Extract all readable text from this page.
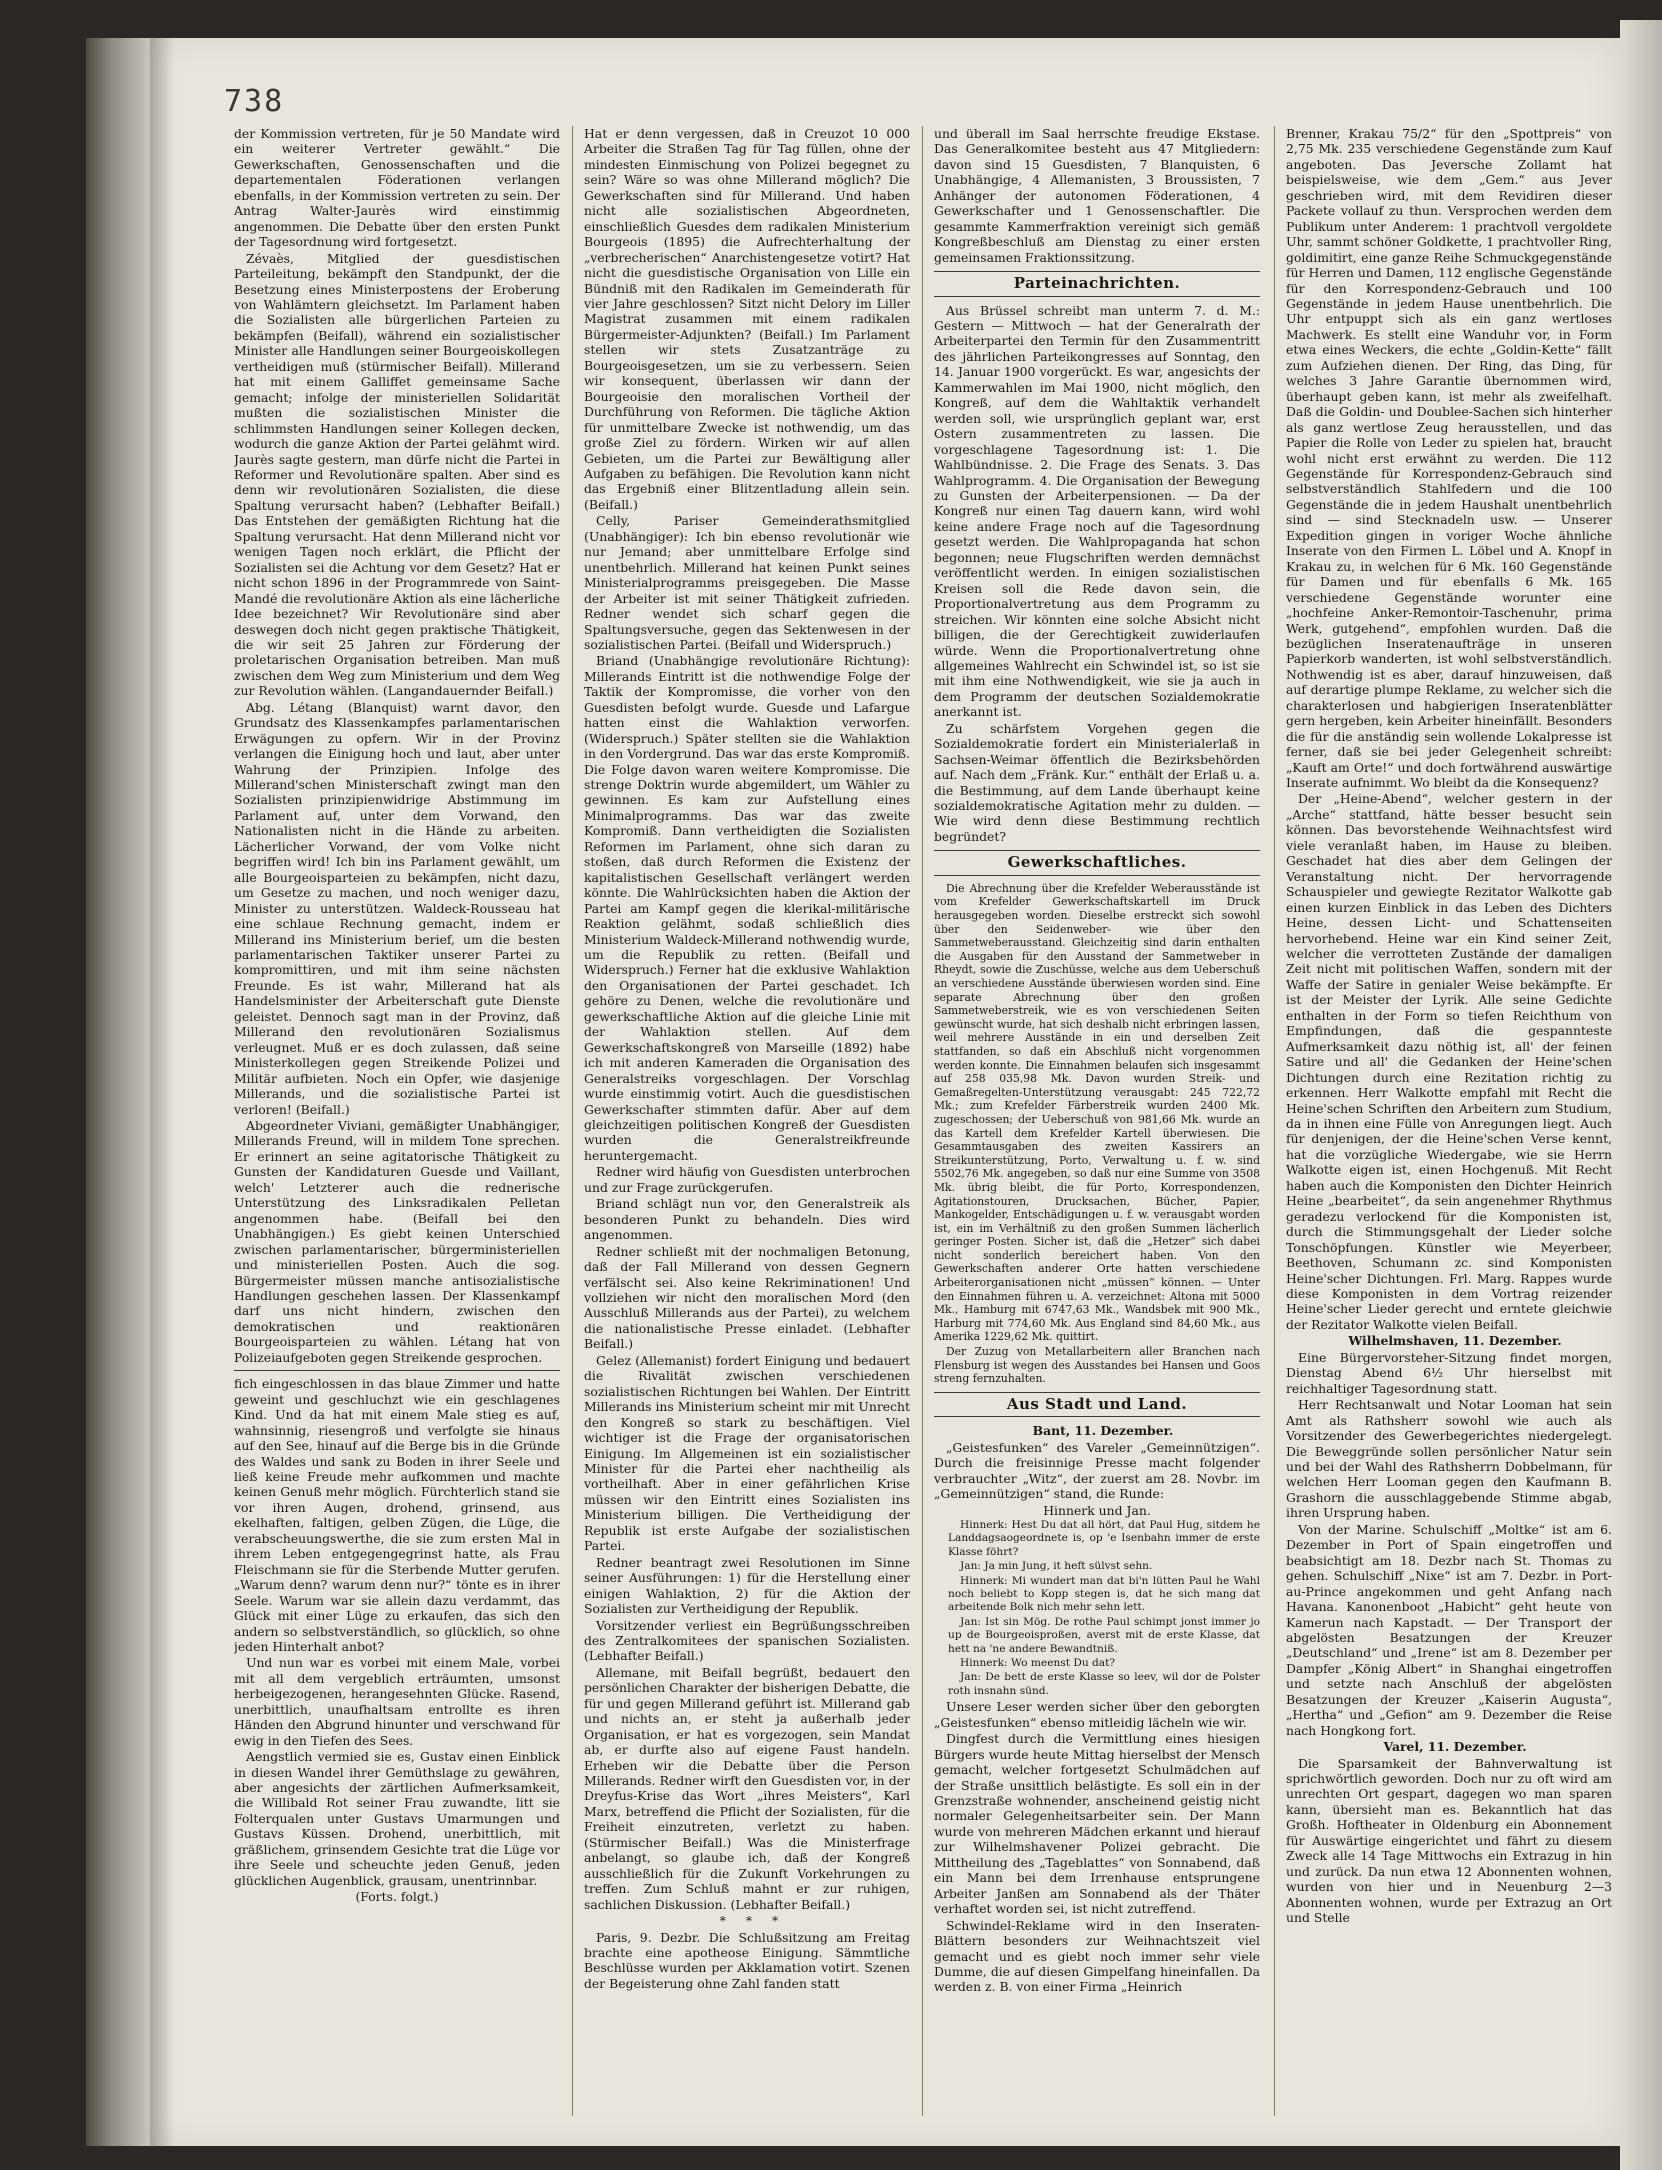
738

der Kommission vertreten, für je 50 Mandate wird ein weiterer Vertreter gewählt.“ Die Gewerkschaften, Genossenschaften und die departementalen Föderationen verlangen ebenfalls, in der Kommission vertreten zu sein. Der Antrag Walter-Jaurès wird einstimmig angenommen. Die Debatte über den ersten Punkt der Tagesordnung wird fortgesetzt.

Zévaès, Mitglied der guesdistischen Parteileitung, bekämpft den Standpunkt, der die Besetzung eines Ministerpostens der Eroberung von Wahlämtern gleichsetzt. Im Parlament haben die Sozialisten alle bürgerlichen Parteien zu bekämpfen (Beifall), während ein sozialistischer Minister alle Handlungen seiner Bourgeoiskollegen vertheidigen muß (stürmischer Beifall). Millerand hat mit einem Galliffet gemeinsame Sache gemacht; infolge der ministeriellen Solidarität mußten die sozialistischen Minister die schlimmsten Handlungen seiner Kollegen decken, wodurch die ganze Aktion der Partei gelähmt wird. Jaurès sagte gestern, man dürfe nicht die Partei in Reformer und Revolutionäre spalten. Aber sind es denn wir revolutionären Sozialisten, die diese Spaltung verursacht haben? (Lebhafter Beifall.) Das Entstehen der gemäßigten Richtung hat die Spaltung verursacht. Hat denn Millerand nicht vor wenigen Tagen noch erklärt, die Pflicht der Sozialisten sei die Achtung vor dem Gesetz? Hat er nicht schon 1896 in der Programmrede von Saint-Mandé die revolutionäre Aktion als eine lächerliche Idee bezeichnet? Wir Revolutionäre sind aber deswegen doch nicht gegen praktische Thätigkeit, die wir seit 25 Jahren zur Förderung der proletarischen Organisation betreiben. Man muß zwischen dem Weg zum Ministerium und dem Weg zur Revolution wählen. (Langandauernder Beifall.)

Abg. Létang (Blanquist) warnt davor, den Grundsatz des Klassenkampfes parlamentarischen Erwägungen zu opfern. Wir in der Provinz verlangen die Einigung hoch und laut, aber unter Wahrung der Prinzipien. Infolge des Millerand'schen Ministerschaft zwingt man den Sozialisten prinzipienwidrige Abstimmung im Parlament auf, unter dem Vorwand, den Nationalisten nicht in die Hände zu arbeiten. Lächerlicher Vorwand, der vom Volke nicht begriffen wird! Ich bin ins Parlament gewählt, um alle Bourgeoisparteien zu bekämpfen, nicht dazu, um Gesetze zu machen, und noch weniger dazu, Minister zu unterstützen. Waldeck-Rousseau hat eine schlaue Rechnung gemacht, indem er Millerand ins Ministerium berief, um die besten parlamentarischen Taktiker unserer Partei zu kompromittiren, und mit ihm seine nächsten Freunde. Es ist wahr, Millerand hat als Handelsminister der Arbeiterschaft gute Dienste geleistet. Dennoch sagt man in der Provinz, daß Millerand den revolutionären Sozialismus verleugnet. Muß er es doch zulassen, daß seine Ministerkollegen gegen Streikende Polizei und Militär aufbieten. Noch ein Opfer, wie dasjenige Millerands, und die sozialistische Partei ist verloren! (Beifall.)

Abgeordneter Viviani, gemäßigter Unabhängiger, Millerands Freund, will in mildem Tone sprechen. Er erinnert an seine agitatorische Thätigkeit zu Gunsten der Kandidaturen Guesde und Vaillant, welch' Letzterer auch die rednerische Unterstützung des Linksradikalen Pelletan angenommen habe. (Beifall bei den Unabhängigen.) Es giebt keinen Unterschied zwischen parlamentarischer, bürgerministeriellen und ministeriellen Posten. Auch die sog. Bürgermeister müssen manche antisozialistische Handlungen geschehen lassen. Der Klassenkampf darf uns nicht hindern, zwischen den demokratischen und reaktionären Bourgeoisparteien zu wählen. Létang hat von Polizeiaufgeboten gegen Streikende gesprochen.

fich eingeschlossen in das blaue Zimmer und hatte geweint und geschluchzt wie ein geschlagenes Kind. Und da hat mit einem Male stieg es auf, wahnsinnig, riesengroß und verfolgte sie hinaus auf den See, hinauf auf die Berge bis in die Gründe des Waldes und sank zu Boden in ihrer Seele und ließ keine Freude mehr aufkommen und machte keinen Genuß mehr möglich. Fürchterlich stand sie vor ihren Augen, drohend, grinsend, aus ekelhaften, faltigen, gelben Zügen, die Lüge, die verabscheuungswerthe, die sie zum ersten Mal in ihrem Leben entgegengegrinst hatte, als Frau Fleischmann sie für die Sterbende Mutter gerufen. „Warum denn? warum denn nur?“ tönte es in ihrer Seele. Warum war sie allein dazu verdammt, das Glück mit einer Lüge zu erkaufen, das sich den andern so selbstverständlich, so glücklich, so ohne jeden Hinterhalt anbot?

Und nun war es vorbei mit einem Male, vorbei mit all dem vergeblich erträumten, umsonst herbeigezogenen, herangesehnten Glücke. Rasend, unerbittlich, unaufhaltsam entrollte es ihren Händen den Abgrund hinunter und verschwand für ewig in den Tiefen des Sees.

Aengstlich vermied sie es, Gustav einen Einblick in diesen Wandel ihrer Gemüthslage zu gewähren, aber angesichts der zärtlichen Aufmerksamkeit, die Willibald Rot seiner Frau zuwandte, litt sie Folterqualen unter Gustavs Umarmungen und Gustavs Küssen. Drohend, unerbittlich, mit gräßlichem, grinsendem Gesichte trat die Lüge vor ihre Seele und scheuchte jeden Genuß, jeden glücklichen Augenblick, grausam, unentrinnbar.

(Forts. folgt.)

Hat er denn vergessen, daß in Creuzot 10 000 Arbeiter die Straßen Tag für Tag füllen, ohne der mindesten Einmischung von Polizei begegnet zu sein? Wäre so was ohne Millerand möglich? Die Gewerkschaften sind für Millerand. Und haben nicht alle sozialistischen Abgeordneten, einschließlich Guesdes dem radikalen Ministerium Bourgeois (1895) die Aufrechterhaltung der „verbrecherischen“ Anarchistengesetze votirt? Hat nicht die guesdistische Organisation von Lille ein Bündniß mit den Radikalen im Gemeinderath für vier Jahre geschlossen? Sitzt nicht Delory im Liller Magistrat zusammen mit einem radikalen Bürgermeister-Adjunkten? (Beifall.) Im Parlament stellen wir stets Zusatzanträge zu Bourgeoisgesetzen, um sie zu verbessern. Seien wir konsequent, überlassen wir dann der Bourgeoisie den moralischen Vortheil der Durchführung von Reformen. Die tägliche Aktion für unmittelbare Zwecke ist nothwendig, um das große Ziel zu fördern. Wirken wir auf allen Gebieten, um die Partei zur Bewältigung aller Aufgaben zu befähigen. Die Revolution kann nicht das Ergebniß einer Blitzentladung allein sein. (Beifall.)

Celly, Pariser Gemeinderathsmitglied (Unabhängiger): Ich bin ebenso revolutionär wie nur Jemand; aber unmittelbare Erfolge sind unentbehrlich. Millerand hat keinen Punkt seines Ministerialprogramms preisgegeben. Die Masse der Arbeiter ist mit seiner Thätigkeit zufrieden. Redner wendet sich scharf gegen die Spaltungsversuche, gegen das Sektenwesen in der sozialistischen Partei. (Beifall und Widerspruch.)

Briand (Unabhängige revolutionäre Richtung): Millerands Eintritt ist die nothwendige Folge der Taktik der Kompromisse, die vorher von den Guesdisten befolgt wurde. Guesde und Lafargue hatten einst die Wahlaktion verworfen. (Widerspruch.) Später stellten sie die Wahlaktion in den Vordergrund. Das war das erste Kompromiß. Die Folge davon waren weitere Kompromisse. Die strenge Doktrin wurde abgemildert, um Wähler zu gewinnen. Es kam zur Aufstellung eines Minimalprogramms. Das war das zweite Kompromiß. Dann vertheidigten die Sozialisten Reformen im Parlament, ohne sich daran zu stoßen, daß durch Reformen die Existenz der kapitalistischen Gesellschaft verlängert werden könnte. Die Wahlrücksichten haben die Aktion der Partei am Kampf gegen die klerikal-militärische Reaktion gelähmt, sodaß schließlich dies Ministerium Waldeck-Millerand nothwendig wurde, um die Republik zu retten. (Beifall und Widerspruch.) Ferner hat die exklusive Wahlaktion den Organisationen der Partei geschadet. Ich gehöre zu Denen, welche die revolutionäre und gewerkschaftliche Aktion auf die gleiche Linie mit der Wahlaktion stellen. Auf dem Gewerkschaftskongreß von Marseille (1892) habe ich mit anderen Kameraden die Organisation des Generalstreiks vorgeschlagen. Der Vorschlag wurde einstimmig votirt. Auch die guesdistischen Gewerkschafter stimmten dafür. Aber auf dem gleichzeitigen politischen Kongreß der Guesdisten wurden die Generalstreikfreunde heruntergemacht.

Redner wird häufig von Guesdisten unterbrochen und zur Frage zurückgerufen.

Briand schlägt nun vor, den Generalstreik als besonderen Punkt zu behandeln. Dies wird angenommen.

Redner schließt mit der nochmaligen Betonung, daß der Fall Millerand von dessen Gegnern verfälscht sei. Also keine Rekriminationen! Und vollziehen wir nicht den moralischen Mord (den Ausschluß Millerands aus der Partei), zu welchem die nationalistische Presse einladet. (Lebhafter Beifall.)

Gelez (Allemanist) fordert Einigung und bedauert die Rivalität zwischen verschiedenen sozialistischen Richtungen bei Wahlen. Der Eintritt Millerands ins Ministerium scheint mir mit Unrecht den Kongreß so stark zu beschäftigen. Viel wichtiger ist die Frage der organisatorischen Einigung. Im Allgemeinen ist ein sozialistischer Minister für die Partei eher nachtheilig als vortheilhaft. Aber in einer gefährlichen Krise müssen wir den Eintritt eines Sozialisten ins Ministerium billigen. Die Vertheidigung der Republik ist erste Aufgabe der sozialistischen Partei.

Redner beantragt zwei Resolutionen im Sinne seiner Ausführungen: 1) für die Herstellung einer einigen Wahlaktion, 2) für die Aktion der Sozialisten zur Vertheidigung der Republik.

Vorsitzender verliest ein Begrüßungsschreiben des Zentralkomitees der spanischen Sozialisten. (Lebhafter Beifall.)

Allemane, mit Beifall begrüßt, bedauert den persönlichen Charakter der bisherigen Debatte, die für und gegen Millerand geführt ist. Millerand gab und nichts an, er steht ja außerhalb jeder Organisation, er hat es vorgezogen, sein Mandat ab, er durfte also auf eigene Faust handeln. Erheben wir die Debatte über die Person Millerands. Redner wirft den Guesdisten vor, in der Dreyfus-Krise das Wort „ihres Meisters“, Karl Marx, betreffend die Pflicht der Sozialisten, für die Freiheit einzutreten, verletzt zu haben. (Stürmischer Beifall.) Was die Ministerfrage anbelangt, so glaube ich, daß der Kongreß ausschließlich für die Zukunft Vorkehrungen zu treffen. Zum Schluß mahnt er zur ruhigen, sachlichen Diskussion. (Lebhafter Beifall.)

* * *

Paris, 9. Dezbr. Die Schlußsitzung am Freitag brachte eine apotheose Einigung. Sämmtliche Beschlüsse wurden per Akklamation votirt. Szenen der Begeisterung ohne Zahl fanden statt

und überall im Saal herrschte freudige Ekstase. Das Generalkomitee besteht aus 47 Mitgliedern: davon sind 15 Guesdisten, 7 Blanquisten, 6 Unabhängige, 4 Allemanisten, 3 Broussisten, 7 Anhänger der autonomen Föderationen, 4 Gewerkschafter und 1 Genossenschaftler. Die gesammte Kammerfraktion vereinigt sich gemäß Kongreßbeschluß am Dienstag zu einer ersten gemeinsamen Fraktionssitzung.

Parteinachrichten.

Aus Brüssel schreibt man unterm 7. d. M.: Gestern — Mittwoch — hat der Generalrath der Arbeiterpartei den Termin für den Zusammentritt des jährlichen Parteikongresses auf Sonntag, den 14. Januar 1900 vorgerückt. Es war, angesichts der Kammerwahlen im Mai 1900, nicht möglich, den Kongreß, auf dem die Wahltaktik verhandelt werden soll, wie ursprünglich geplant war, erst Ostern zusammentreten zu lassen. Die vorgeschlagene Tagesordnung ist: 1. Die Wahlbündnisse. 2. Die Frage des Senats. 3. Das Wahlprogramm. 4. Die Organisation der Bewegung zu Gunsten der Arbeiterpensionen. — Da der Kongreß nur einen Tag dauern kann, wird wohl keine andere Frage noch auf die Tagesordnung gesetzt werden. Die Wahlpropaganda hat schon begonnen; neue Flugschriften werden demnächst veröffentlicht werden. In einigen sozialistischen Kreisen soll die Rede davon sein, die Proportionalvertretung aus dem Programm zu streichen. Wir könnten eine solche Absicht nicht billigen, die der Gerechtigkeit zuwiderlaufen würde. Wenn die Proportionalvertretung ohne allgemeines Wahlrecht ein Schwindel ist, so ist sie mit ihm eine Nothwendigkeit, wie sie ja auch in dem Programm der deutschen Sozialdemokratie anerkannt ist.

Zu schärfstem Vorgehen gegen die Sozialdemokratie fordert ein Ministerialerlaß in Sachsen-Weimar öffentlich die Bezirksbehörden auf. Nach dem „Fränk. Kur.“ enthält der Erlaß u. a. die Bestimmung, auf dem Lande überhaupt keine sozialdemokratische Agitation mehr zu dulden. — Wie wird denn diese Bestimmung rechtlich begründet?

Gewerkschaftliches.

Die Abrechnung über die Krefelder Weberausstände ist vom Krefelder Gewerkschaftskartell im Druck herausgegeben worden. Dieselbe erstreckt sich sowohl über den Seidenweber- wie über den Sammetweberausstand. Gleichzeitig sind darin enthalten die Ausgaben für den Ausstand der Sammetweber in Rheydt, sowie die Zuschüsse, welche aus dem Ueberschuß an verschiedene Ausstände überwiesen worden sind. Eine separate Abrechnung über den großen Sammetweberstreik, wie es von verschiedenen Seiten gewünscht wurde, hat sich deshalb nicht erbringen lassen, weil mehrere Ausstände in ein und derselben Zeit stattfanden, so daß ein Abschluß nicht vorgenommen werden konnte. Die Einnahmen belaufen sich insgesammt auf 258 035,98 Mk. Davon wurden Streik- und Gemaßregelten-Unterstützung verausgabt: 245 722,72 Mk.; zum Krefelder Färberstreik wurden 2400 Mk. zugeschossen; der Ueberschuß von 981,66 Mk. wurde an das Kartell dem Krefelder Kartell überwiesen. Die Gesammtausgaben des zweiten Kassirers an Streikunterstützung, Porto, Verwaltung u. f. w. sind 5502,76 Mk. angegeben, so daß nur eine Summe von 3508 Mk. übrig bleibt, die für Porto, Korrespondenzen, Agitationstouren, Drucksachen, Bücher, Papier, Mankogelder, Entschädigungen u. f. w. verausgabt worden ist, ein im Verhältniß zu den großen Summen lächerlich geringer Posten. Sicher ist, daß die „Hetzer“ sich dabei nicht sonderlich bereichert haben. Von den Gewerkschaften anderer Orte hatten verschiedene Arbeiterorganisationen nicht „müssen“ können. — Unter den Einnahmen führen u. A. verzeichnet: Altona mit 5000 Mk., Hamburg mit 6747,63 Mk., Wandsbek mit 900 Mk., Harburg mit 774,60 Mk. Aus England sind 84,60 Mk., aus Amerika 1229,62 Mk. quittirt.

Der Zuzug von Metallarbeitern aller Branchen nach Flensburg ist wegen des Ausstandes bei Hansen und Goos streng fernzuhalten.

Aus Stadt und Land.

Bant, 11. Dezember.

„Geistesfunken“ des Vareler „Gemeinnützigen“. Durch die freisinnige Presse macht folgender verbrauchter „Witz“, der zuerst am 28. Novbr. im „Gemeinnützigen“ stand, die Runde:

Hinnerk und Jan.

Hinnerk: Hest Du dat all hört, dat Paul Hug, sitdem he Landdagsaogeordnete is, op 'e Isenbahn immer de erste Klasse föhrt?

Jan: Ja min Jung, it heft sülvst sehn.

Hinnerk: Mi wundert man dat bi'n lütten Paul he Wahl noch beliebt to Kopp stegen is, dat he sich mang dat arbeitende Bolk nich mehr sehn lett.

Jan: Ist sin Mög. De rothe Paul schimpt jonst immer jo up de Bourgeoisproßen, averst mit de erste Klasse, dat hett na 'ne andere Bewandtniß.

Hinnerk: Wo meenst Du dat?

Jan: De bett de erste Klasse so leev, wil dor de Polster roth insnahn sünd.

Unsere Leser werden sicher über den geborgten „Geistesfunken“ ebenso mitleidig lächeln wie wir.

Dingfest durch die Vermittlung eines hiesigen Bürgers wurde heute Mittag hierselbst der Mensch gemacht, welcher fortgesetzt Schulmädchen auf der Straße unsittlich belästigte. Es soll ein in der Grenzstraße wohnender, anscheinend geistig nicht normaler Gelegenheitsarbeiter sein. Der Mann wurde von mehreren Mädchen erkannt und hierauf zur Wilhelmshavener Polizei gebracht. Die Mittheilung des „Tageblattes“ von Sonnabend, daß ein Mann bei dem Irrenhause entsprungene Arbeiter Janßen am Sonnabend als der Thäter verhaftet worden sei, ist nicht zutreffend.

Schwindel-Reklame wird in den Inseraten-Blättern besonders zur Weihnachtszeit viel gemacht und es giebt noch immer sehr viele Dumme, die auf diesen Gimpelfang hineinfallen. Da werden z. B. von einer Firma „Heinrich

Brenner, Krakau 75/2“ für den „Spottpreis“ von 2,75 Mk. 235 verschiedene Gegenstände zum Kauf angeboten. Das Jeversche Zollamt hat beispielsweise, wie dem „Gem.“ aus Jever geschrieben wird, mit dem Revidiren dieser Packete vollauf zu thun. Versprochen werden dem Publikum unter Anderem: 1 prachtvoll vergoldete Uhr, sammt schöner Goldkette, 1 prachtvoller Ring, goldimitirt, eine ganze Reihe Schmuckgegenstände für Herren und Damen, 112 englische Gegenstände für den Korrespondenz-Gebrauch und 100 Gegenstände in jedem Hause unentbehrlich. Die Uhr entpuppt sich als ein ganz wertloses Machwerk. Es stellt eine Wanduhr vor, in Form etwa eines Weckers, die echte „Goldin-Kette“ fällt zum Aufziehen dienen. Der Ring, das Ding, für welches 3 Jahre Garantie übernommen wird, überhaupt geben kann, ist mehr als zweifelhaft. Daß die Goldin- und Doublee-Sachen sich hinterher als ganz wertlose Zeug herausstellen, und das Papier die Rolle von Leder zu spielen hat, braucht wohl nicht erst erwähnt zu werden. Die 112 Gegenstände für Korrespondenz-Gebrauch sind selbstverständlich Stahlfedern und die 100 Gegenstände die in jedem Haushalt unentbehrlich sind — sind Stecknadeln usw. — Unserer Expedition gingen in voriger Woche ähnliche Inserate von den Firmen L. Löbel und A. Knopf in Krakau zu, in welchen für 6 Mk. 160 Gegenstände für Damen und für ebenfalls 6 Mk. 165 verschiedene Gegenstände worunter eine „hochfeine Anker-Remontoir-Taschenuhr, prima Werk, gutgehend“, empfohlen wurden. Daß die bezüglichen Inseratenaufträge in unseren Papierkorb wanderten, ist wohl selbstverständlich. Nothwendig ist es aber, darauf hinzuweisen, daß auf derartige plumpe Reklame, zu welcher sich die charakterlosen und habgierigen Inseratenblätter gern hergeben, kein Arbeiter hineinfällt. Besonders die für die anständig sein wollende Lokalpresse ist ferner, daß sie bei jeder Gelegenheit schreibt: „Kauft am Orte!“ und doch fortwährend auswärtige Inserate aufnimmt. Wo bleibt da die Konsequenz?

Der „Heine-Abend“, welcher gestern in der „Arche“ stattfand, hätte besser besucht sein können. Das bevorstehende Weihnachtsfest wird viele veranlaßt haben, im Hause zu bleiben. Geschadet hat dies aber dem Gelingen der Veranstaltung nicht. Der hervorragende Schauspieler und gewiegte Rezitator Walkotte gab einen kurzen Einblick in das Leben des Dichters Heine, dessen Licht- und Schattenseiten hervorhebend. Heine war ein Kind seiner Zeit, welcher die verrotteten Zustände der damaligen Zeit nicht mit politischen Waffen, sondern mit der Waffe der Satire in genialer Weise bekämpfte. Er ist der Meister der Lyrik. Alle seine Gedichte enthalten in der Form so tiefen Reichthum von Empfindungen, daß die gespannteste Aufmerksamkeit dazu nöthig ist, all' der feinen Satire und all' die Gedanken der Heine'schen Dichtungen durch eine Rezitation richtig zu erkennen. Herr Walkotte empfahl mit Recht die Heine'schen Schriften den Arbeitern zum Studium, da in ihnen eine Fülle von Anregungen liegt. Auch für denjenigen, der die Heine'schen Verse kennt, hat die vorzügliche Wiedergabe, wie sie Herrn Walkotte eigen ist, einen Hochgenuß. Mit Recht haben auch die Komponisten den Dichter Heinrich Heine „bearbeitet“, da sein angenehmer Rhythmus geradezu verlockend für die Komponisten ist, durch die Stimmungsgehalt der Lieder solche Tonschöpfungen. Künstler wie Meyerbeer, Beethoven, Schumann zc. sind Komponisten Heine'scher Dichtungen. Frl. Marg. Rappes wurde diese Komponisten in dem Vortrag reizender Heine'scher Lieder gerecht und erntete gleichwie der Rezitator Walkotte vielen Beifall.

Wilhelmshaven, 11. Dezember.

Eine Bürgervorsteher-Sitzung findet morgen, Dienstag Abend 6½ Uhr hierselbst mit reichhaltiger Tagesordnung statt.

Herr Rechtsanwalt und Notar Looman hat sein Amt als Rathsherr sowohl wie auch als Vorsitzender des Gewerbegerichtes niedergelegt. Die Beweggründe sollen persönlicher Natur sein und bei der Wahl des Rathsherrn Dobbelmann, für welchen Herr Looman gegen den Kaufmann B. Grashorn die ausschlaggebende Stimme abgab, ihren Ursprung haben.

Von der Marine. Schulschiff „Moltke“ ist am 6. Dezember in Port of Spain eingetroffen und beabsichtigt am 18. Dezbr nach St. Thomas zu gehen. Schulschiff „Nixe“ ist am 7. Dezbr. in Port-au-Prince angekommen und geht Anfang nach Havana. Kanonenboot „Habicht“ geht heute von Kamerun nach Kapstadt. — Der Transport der abgelösten Besatzungen der Kreuzer „Deutschland“ und „Irene“ ist am 8. Dezember per Dampfer „König Albert“ in Shanghai eingetroffen und setzte nach Anschluß der abgelösten Besatzungen der Kreuzer „Kaiserin Augusta“, „Hertha“ und „Gefion“ am 9. Dezember die Reise nach Hongkong fort.

Varel, 11. Dezember.

Die Sparsamkeit der Bahnverwaltung ist sprichwörtlich geworden. Doch nur zu oft wird am unrechten Ort gespart, dagegen wo man sparen kann, übersieht man es. Bekanntlich hat das Großh. Hoftheater in Oldenburg ein Abonnement für Auswärtige eingerichtet und fährt zu diesem Zweck alle 14 Tage Mittwochs ein Extrazug in hin und zurück. Da nun etwa 12 Abonnenten wohnen, wurden von hier und in Neuenburg 2—3 Abonnenten wohnen, wurde per Extrazug an Ort und Stelle
